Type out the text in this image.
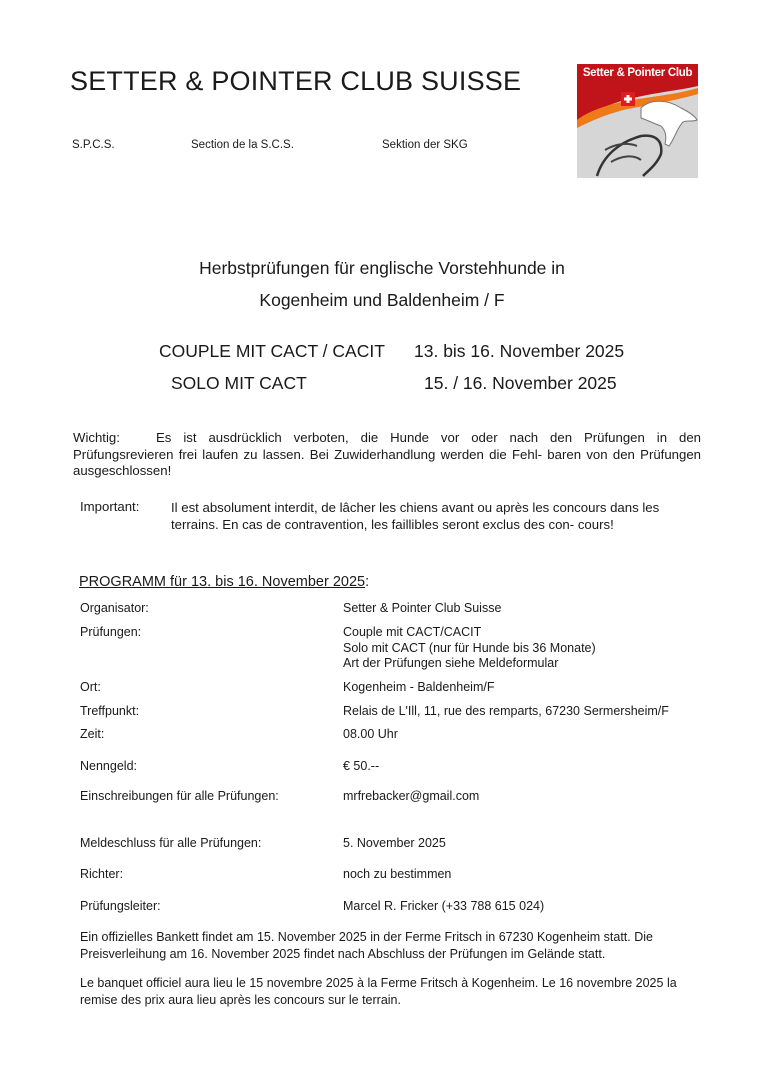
SETTER & POINTER CLUB SUISSE
S.P.C.S.	Section de la S.C.S.	Sektion der SKG
Setter & Pointer Club
Herbstprüfungen für englische Vorstehhunde in
Kogenheim und Baldenheim / F
COUPLE MIT CACT / CACIT 13. bis 16. November 2025
SOLO MIT CACT	15. / 16. November 2025
Wichtig:	Es ist ausdrücklich verboten, die Hunde vor oder nach den Prüfungen in den Prüfungsrevieren frei laufen zu lassen. Bei Zuwiderhandlung werden die Fehl- baren von den Prüfungen ausgeschlossen!
Important: Il est absolument interdit, de lâcher les chiens avant ou après les concours dans les terrains. En cas de contravention, les faillibles seront exclus des con- cours!
PROGRAMM für 13. bis 16. November 2025:
Organisator:	Setter & Pointer Club Suisse
Prüfungen:	Couple mit CACT/CACIT
Solo mit CACT (nur für Hunde bis 36 Monate)
Art der Prüfungen siehe Meldeformular
Ort:	Kogenheim - Baldenheim/F
Treffpunkt:	Relais de L'Ill, 11, rue des remparts, 67230 Sermersheim/F
Zeit:	08.00 Uhr
Nenngeld:	€ 50.--
Einschreibungen für alle Prüfungen:	mrfrebacker@gmail.com
Meldeschluss für alle Prüfungen:	5. November 2025
Richter:	noch zu bestimmen
Prüfungsleiter:	Marcel R. Fricker (+33 788 615 024)
Ein offizielles Bankett findet am 15. November 2025 in der Ferme Fritsch in 67230 Kogenheim statt. Die Preisverleihung am 16. November 2025 findet nach Abschluss der Prüfungen im Gelände statt.
Le banquet officiel aura lieu le 15 novembre 2025 à la Ferme Fritsch à Kogenheim. Le 16 novembre 2025 la remise des prix aura lieu après les concours sur le terrain.
